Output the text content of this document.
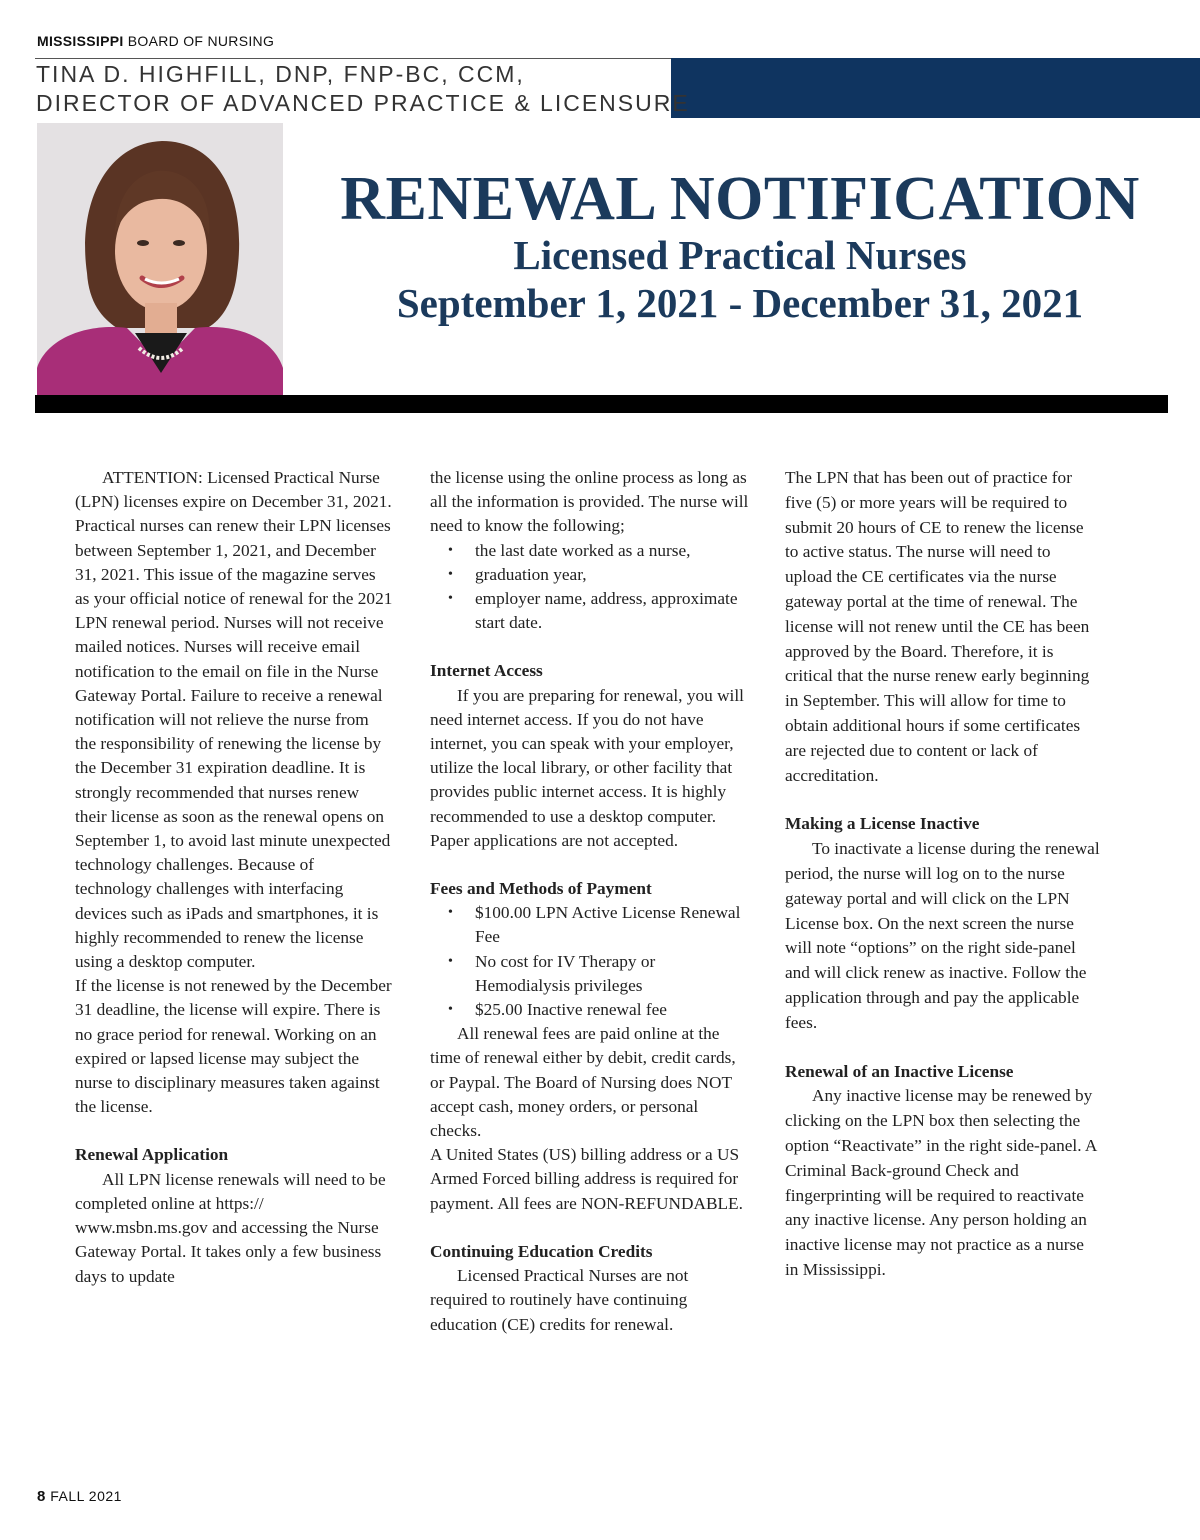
MISSISSIPPI BOARD OF NURSING
TINA D. HIGHFILL, DNP, FNP-BC, CCM,
DIRECTOR OF ADVANCED PRACTICE & LICENSURE
RENEWAL NOTIFICATION
Licensed Practical Nurses
September 1, 2021 - December 31, 2021

ATTENTION: Licensed Practical Nurse (LPN) licenses expire on December 31, 2021. Practical nurses can renew their LPN licenses between September 1, 2021, and December 31, 2021. This issue of the magazine serves as your official notice of renewal for the 2021 LPN renewal period. Nurses will not receive mailed notices. Nurses will receive email notification to the email on file in the Nurse Gateway Portal. Failure to receive a renewal notification will not relieve the nurse from the responsibility of renewing the license by the December 31 expiration deadline. It is strongly recommended that nurses renew their license as soon as the renewal opens on September 1, to avoid last minute unexpected technology challenges. Because of technology challenges with interfacing devices such as iPads and smartphones, it is highly recommended to renew the license using a desktop computer.

If the license is not renewed by the December 31 deadline, the license will expire. There is no grace period for renewal. Working on an expired or lapsed license may subject the nurse to disciplinary measures taken against the license.

Renewal Application

All LPN license renewals will need to be completed online at https:// www.msbn.ms.gov and accessing the Nurse Gateway Portal. It takes only a few business days to update

the license using the online process as long as all the information is provided. The nurse will need to know the following;

• the last date worked as a nurse,
• graduation year,
• employer name, address, approximate start date.
Internet Access

If you are preparing for renewal, you will need internet access. If you do not have internet, you can speak with your employer, utilize the local library, or other facility that provides public internet access. It is highly recommended to use a desktop computer. Paper applications are not accepted.

Fees and Methods of Payment
• $100.00 LPN Active License Renewal Fee
• No cost for IV Therapy or Hemodialysis privileges
• $25.00 Inactive renewal fee

All renewal fees are paid online at the time of renewal either by debit, credit cards, or Paypal. The Board of Nursing does NOT accept cash, money orders, or personal checks.

A United States (US) billing address or a US Armed Forced billing address is required for payment. All fees are NON-REFUNDABLE.

Continuing Education Credits

Licensed Practical Nurses are not required to routinely have continuing education (CE) credits for renewal.

The LPN that has been out of practice for five (5) or more years will be required to submit 20 hours of CE to renew the license to active status. The nurse will need to upload the CE certificates via the nurse gateway portal at the time of renewal. The license will not renew until the CE has been approved by the Board. Therefore, it is critical that the nurse renew early beginning in September. This will allow for time to obtain additional hours if some certificates are rejected due to content or lack of accreditation.

Making a License Inactive

To inactivate a license during the renewal period, the nurse will log on to the nurse gateway portal and will click on the LPN License box. On the next screen the nurse will note “options” on the right side-panel and will click renew as inactive. Follow the application through and pay the applicable fees.

Renewal of an Inactive License

Any inactive license may be renewed by clicking on the LPN box then selecting the option “Reactivate” in the right side-panel. A Criminal Back-ground Check and fingerprinting will be required to reactivate any inactive license. Any person holding an inactive license may not practice as a nurse in Mississippi.

8 FALL 2021
